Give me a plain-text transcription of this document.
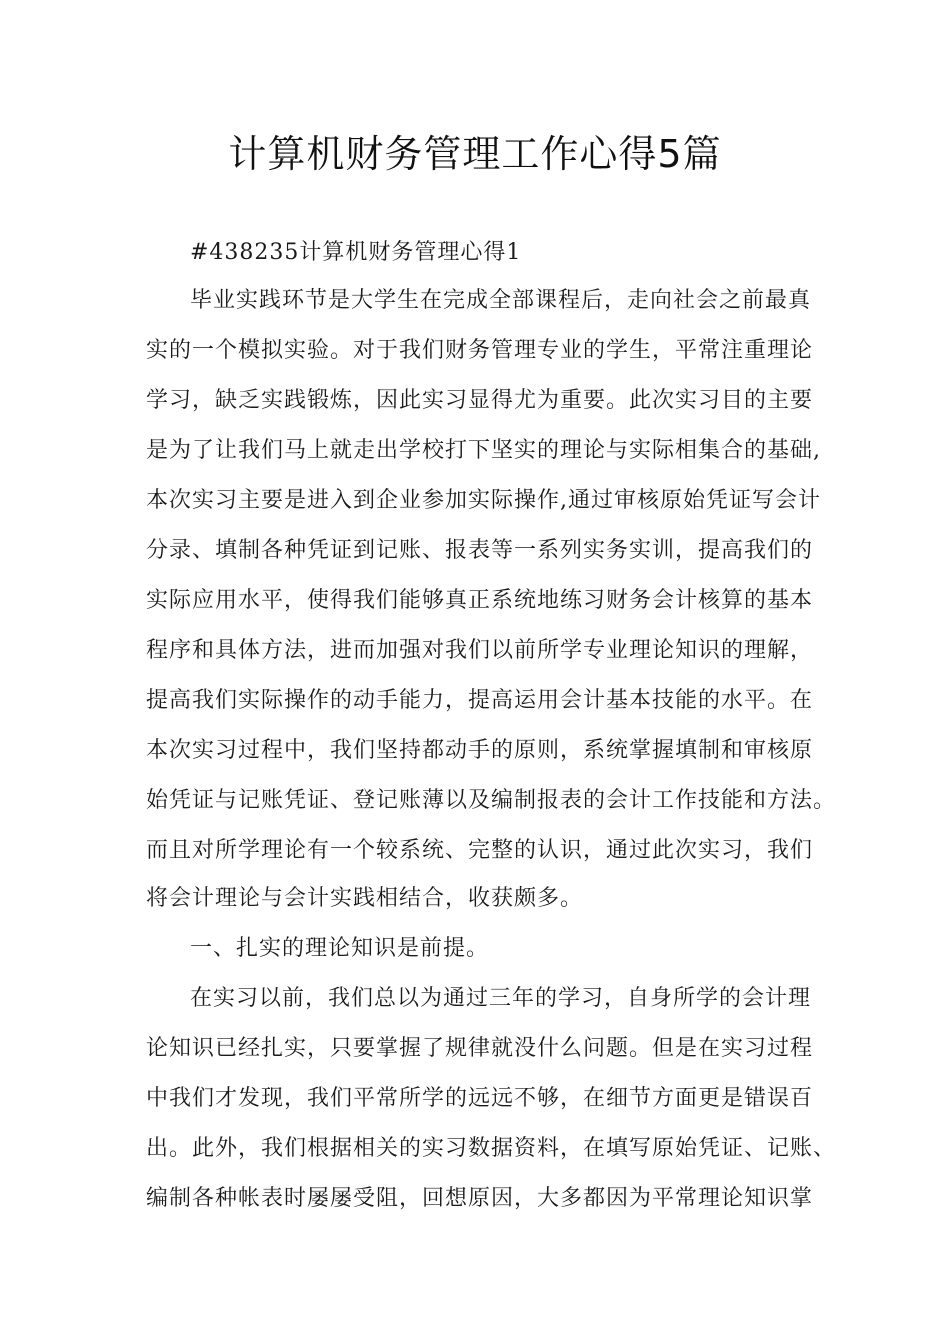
计算机财务管理工作心得5篇
#438235计算机财务管理心得1
毕业实践环节是大学生在完成全部课程后，走向社会之前最真
实的一个模拟实验。对于我们财务管理专业的学生，平常注重理论
学习，缺乏实践锻炼，因此实习显得尤为重要。此次实习目的主要
是为了让我们马上就走出学校打下坚实的理论与实际相集合的基础,
本次实习主要是进入到企业参加实际操作,通过审核原始凭证写会计
分录、填制各种凭证到记账、报表等一系列实务实训，提高我们的
实际应用水平，使得我们能够真正系统地练习财务会计核算的基本
程序和具体方法，进而加强对我们以前所学专业理论知识的理解，
提高我们实际操作的动手能力，提高运用会计基本技能的水平。在
本次实习过程中，我们坚持都动手的原则，系统掌握填制和审核原
始凭证与记账凭证、登记账薄以及编制报表的会计工作技能和方法。
而且对所学理论有一个较系统、完整的认识，通过此次实习，我们
将会计理论与会计实践相结合，收获颇多。
一、扎实的理论知识是前提。
在实习以前，我们总以为通过三年的学习，自身所学的会计理
论知识已经扎实，只要掌握了规律就没什么问题。但是在实习过程
中我们才发现，我们平常所学的远远不够，在细节方面更是错误百
出。此外，我们根据相关的实习数据资料，在填写原始凭证、记账、
编制各种帐表时屡屡受阻，回想原因，大多都因为平常理论知识掌
